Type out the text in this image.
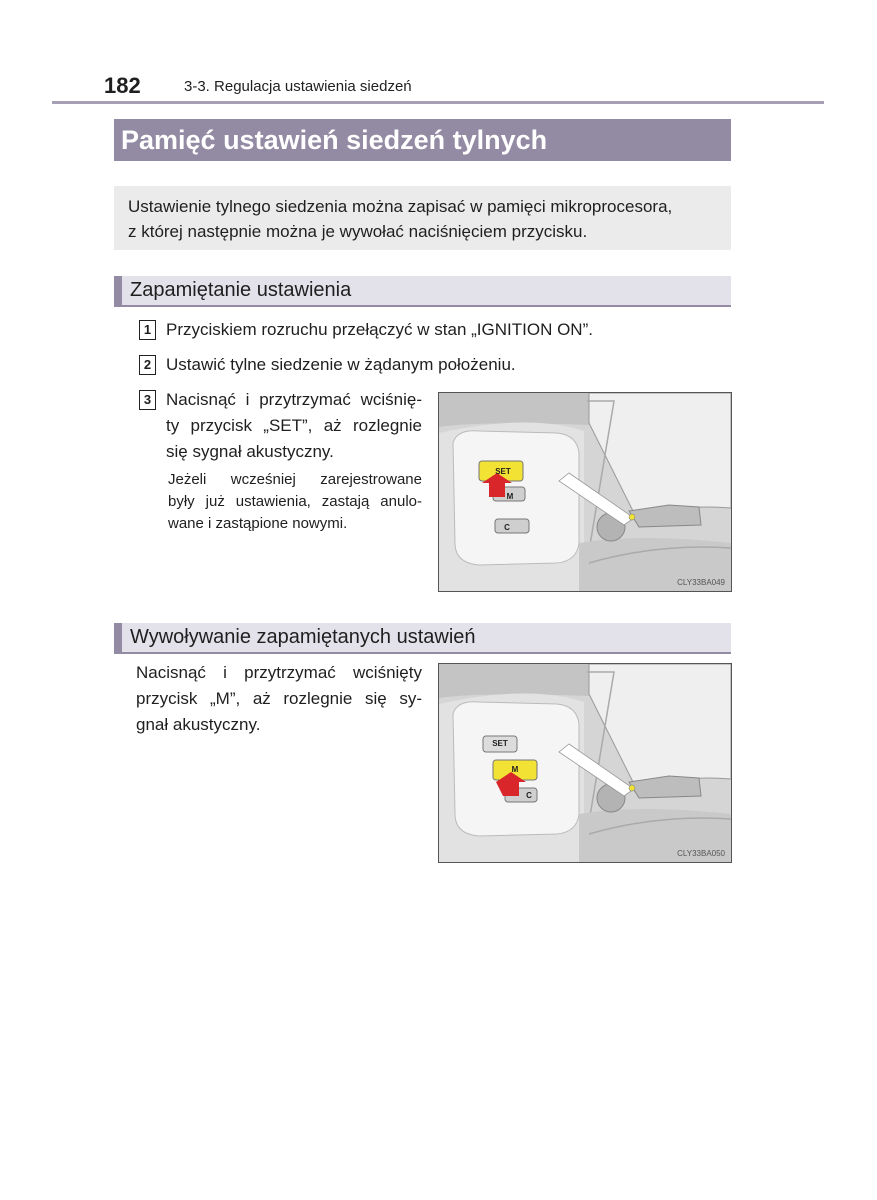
182	3-3. Regulacja ustawienia siedzeń
Pamięć ustawień siedzeń tylnych
Ustawienie tylnego siedzenia można zapisać w pamięci mikroprocesora,
z której następnie można je wywołać naciśnięciem przycisku.
Zapamiętanie ustawienia
1 Przyciskiem rozruchu przełączyć w stan „IGNITION ON”.
2 Ustawić tylne siedzenie w żądanym położeniu.
3 Nacisnąć i przytrzymać wciśnię-
ty przycisk „SET”, aż rozlegnie
się sygnał akustyczny.
Jeżeli wcześniej zarejestrowane
były już ustawienia, zastają anulo-
wane i zastąpione nowymi.
SET
M
C
CLY33BA049
Wywoływanie zapamiętanych ustawień
Nacisnąć i przytrzymać wciśnięty
przycisk „M”, aż rozlegnie się sy-
gnał akustyczny.
SET
M
C
CLY33BA050
